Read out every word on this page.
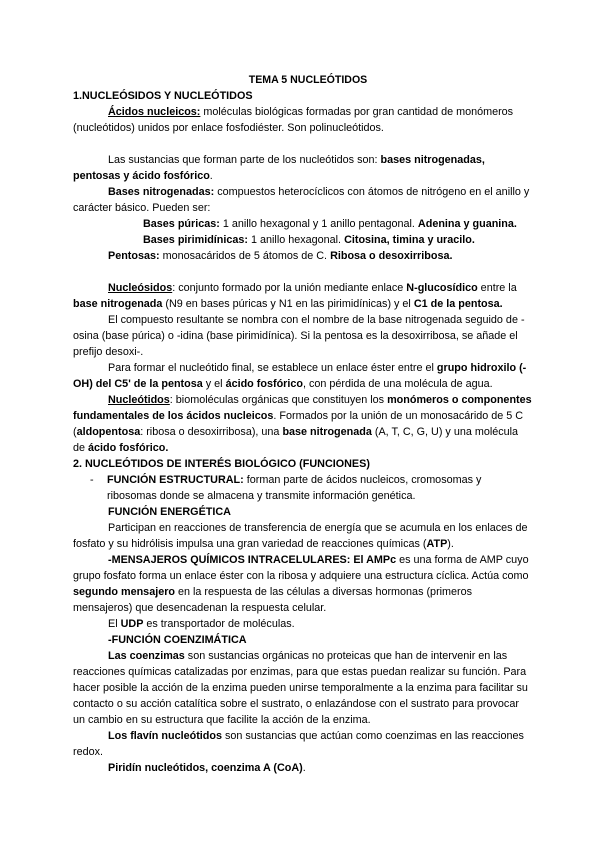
TEMA 5 NUCLEÓTIDOS

1.NUCLEÓSIDOS Y NUCLEÓTIDOS

Ácidos nucleicos: moléculas biológicas formadas por gran cantidad de monómeros (nucleótidos) unidos por enlace fosfodiéster. Son polinucleótidos.

Las sustancias que forman parte de los nucleótidos son: bases nitrogenadas, pentosas y ácido fosfórico.

Bases nitrogenadas: compuestos heterocíclicos con átomos de nitrógeno en el anillo y carácter básico. Pueden ser:

Bases púricas: 1 anillo hexagonal y 1 anillo pentagonal. Adenina y guanina.

Bases pirimidínicas: 1 anillo hexagonal. Citosina, timina y uracilo.

Pentosas: monosacáridos de 5 átomos de C. Ribosa o desoxirribosa.

Nucleósidos: conjunto formado por la unión mediante enlace N-glucosídico entre la base nitrogenada (N9 en bases púricas y N1 en las pirimidínicas) y el C1 de la pentosa.

El compuesto resultante se nombra con el nombre de la base nitrogenada seguido de -osina (base púrica) o -idina (base pirimidínica). Si la pentosa es la desoxirribosa, se añade el prefijo desoxi-.

Para formar el nucleótido final, se establece un enlace éster entre el grupo hidroxilo (-OH) del C5' de la pentosa y el ácido fosfórico, con pérdida de una molécula de agua.

Nucleótidos: biomoléculas orgánicas que constituyen los monómeros o componentes fundamentales de los ácidos nucleicos. Formados por la unión de un monosacárido de 5 C (aldopentosa: ribosa o desoxirribosa), una base nitrogenada (A, T, C, G, U) y una molécula de ácido fosfórico.

2. NUCLEÓTIDOS DE INTERÉS BIOLÓGICO (FUNCIONES)

-	FUNCIÓN ESTRUCTURAL: forman parte de ácidos nucleicos, cromosomas y ribosomas donde se almacena y transmite información genética.

FUNCIÓN ENERGÉTICA

Participan en reacciones de transferencia de energía que se acumula en los enlaces de fosfato y su hidrólisis impulsa una gran variedad de reacciones químicas (ATP).

-MENSAJEROS QUÍMICOS INTRACELULARES: El AMPc es una forma de AMP cuyo grupo fosfato forma un enlace éster con la ribosa y adquiere una estructura cíclica. Actúa como segundo mensajero en la respuesta de las células a diversas hormonas (primeros mensajeros) que desencadenan la respuesta celular.

El UDP es transportador de moléculas.

-FUNCIÓN COENZIMÁTICA

Las coenzimas son sustancias orgánicas no proteicas que han de intervenir en las reacciones químicas catalizadas por enzimas, para que estas puedan realizar su función. Para hacer posible la acción de la enzima pueden unirse temporalmente a la enzima para facilitar su contacto o su acción catalítica sobre el sustrato, o enlazándose con el sustrato para provocar un cambio en su estructura que facilite la acción de la enzima.

Los flavín nucleótidos son sustancias que actúan como coenzimas en las reacciones redox.

Piridín nucleótidos, coenzima A (CoA).
